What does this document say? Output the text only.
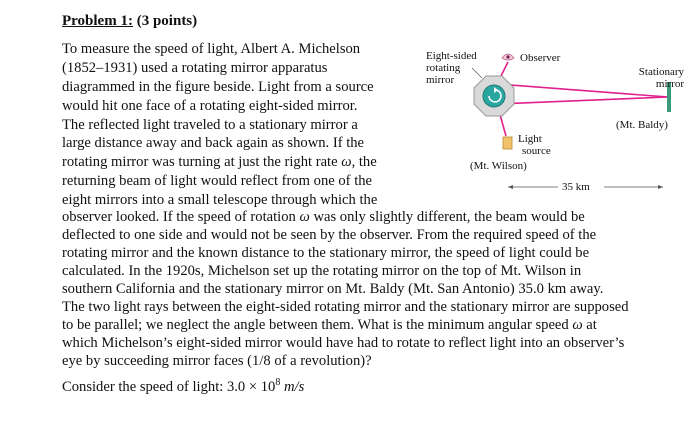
Problem 1: (3 points)
To measure the speed of light, Albert A. Michelson
(1852–1931) used a rotating mirror apparatus
diagrammed in the figure beside. Light from a source
would hit one face of a rotating eight-sided mirror.
The reflected light traveled to a stationary mirror a
large distance away and back again as shown. If the
rotating mirror was turning at just the right rate ω, the
returning beam of light would reflect from one of the
eight mirrors into a small telescope through which the
observer looked. If the speed of rotation ω was only slightly different, the beam would be
deflected to one side and would not be seen by the observer. From the required speed of the
rotating mirror and the known distance to the stationary mirror, the speed of light could be
calculated. In the 1920s, Michelson set up the rotating mirror on the top of Mt. Wilson in
southern California and the stationary mirror on Mt. Baldy (Mt. San Antonio) 35.0 km away.
The two light rays between the eight-sided rotating mirror and the stationary mirror are supposed
to be parallel; we neglect the angle between them. What is the minimum angular speed ω at
which Michelson’s eight-sided mirror would have had to rotate to reflect light into an observer’s
eye by succeeding mirror faces (1/8 of a revolution)?
Consider the speed of light: $3.0 \times 10^8$ m/s
Eight-sided
rotating
mirror
Observer
Stationary
mirror
(Mt. Baldy)
Light
source
(Mt. Wilson)
35 km
